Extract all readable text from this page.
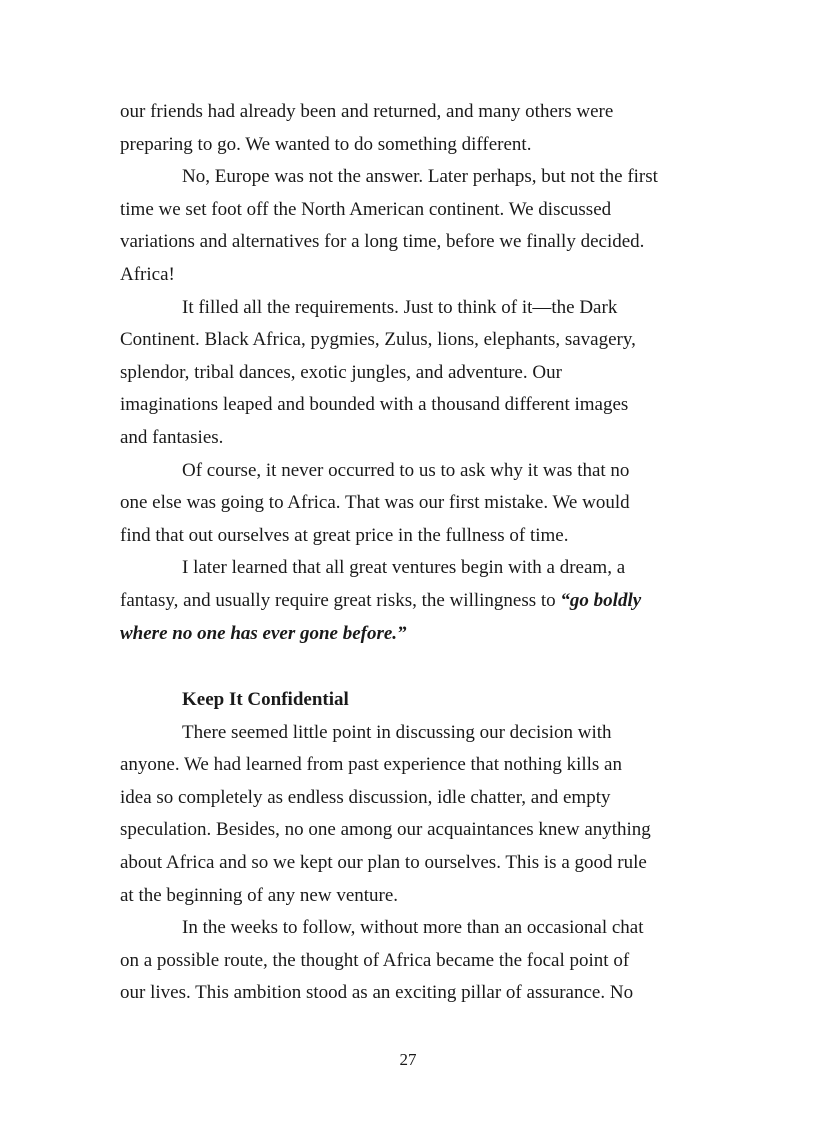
our friends had already been and returned, and many others were
preparing to go. We wanted to do something different.
No, Europe was not the answer. Later perhaps, but not the first
time we set foot off the North American continent. We discussed
variations and alternatives for a long time, before we finally decided.
Africa!
It filled all the requirements. Just to think of it—the Dark
Continent. Black Africa, pygmies, Zulus, lions, elephants, savagery,
splendor, tribal dances, exotic jungles, and adventure. Our
imaginations leaped and bounded with a thousand different images
and fantasies.
Of course, it never occurred to us to ask why it was that no
one else was going to Africa. That was our first mistake. We would
find that out ourselves at great price in the fullness of time.
I later learned that all great ventures begin with a dream, a
fantasy, and usually require great risks, the willingness to “go boldly
where no one has ever gone before.”
Keep It Confidential
There seemed little point in discussing our decision with
anyone. We had learned from past experience that nothing kills an
idea so completely as endless discussion, idle chatter, and empty
speculation. Besides, no one among our acquaintances knew anything
about Africa and so we kept our plan to ourselves. This is a good rule
at the beginning of any new venture.
In the weeks to follow, without more than an occasional chat
on a possible route, the thought of Africa became the focal point of
our lives. This ambition stood as an exciting pillar of assurance. No
27
